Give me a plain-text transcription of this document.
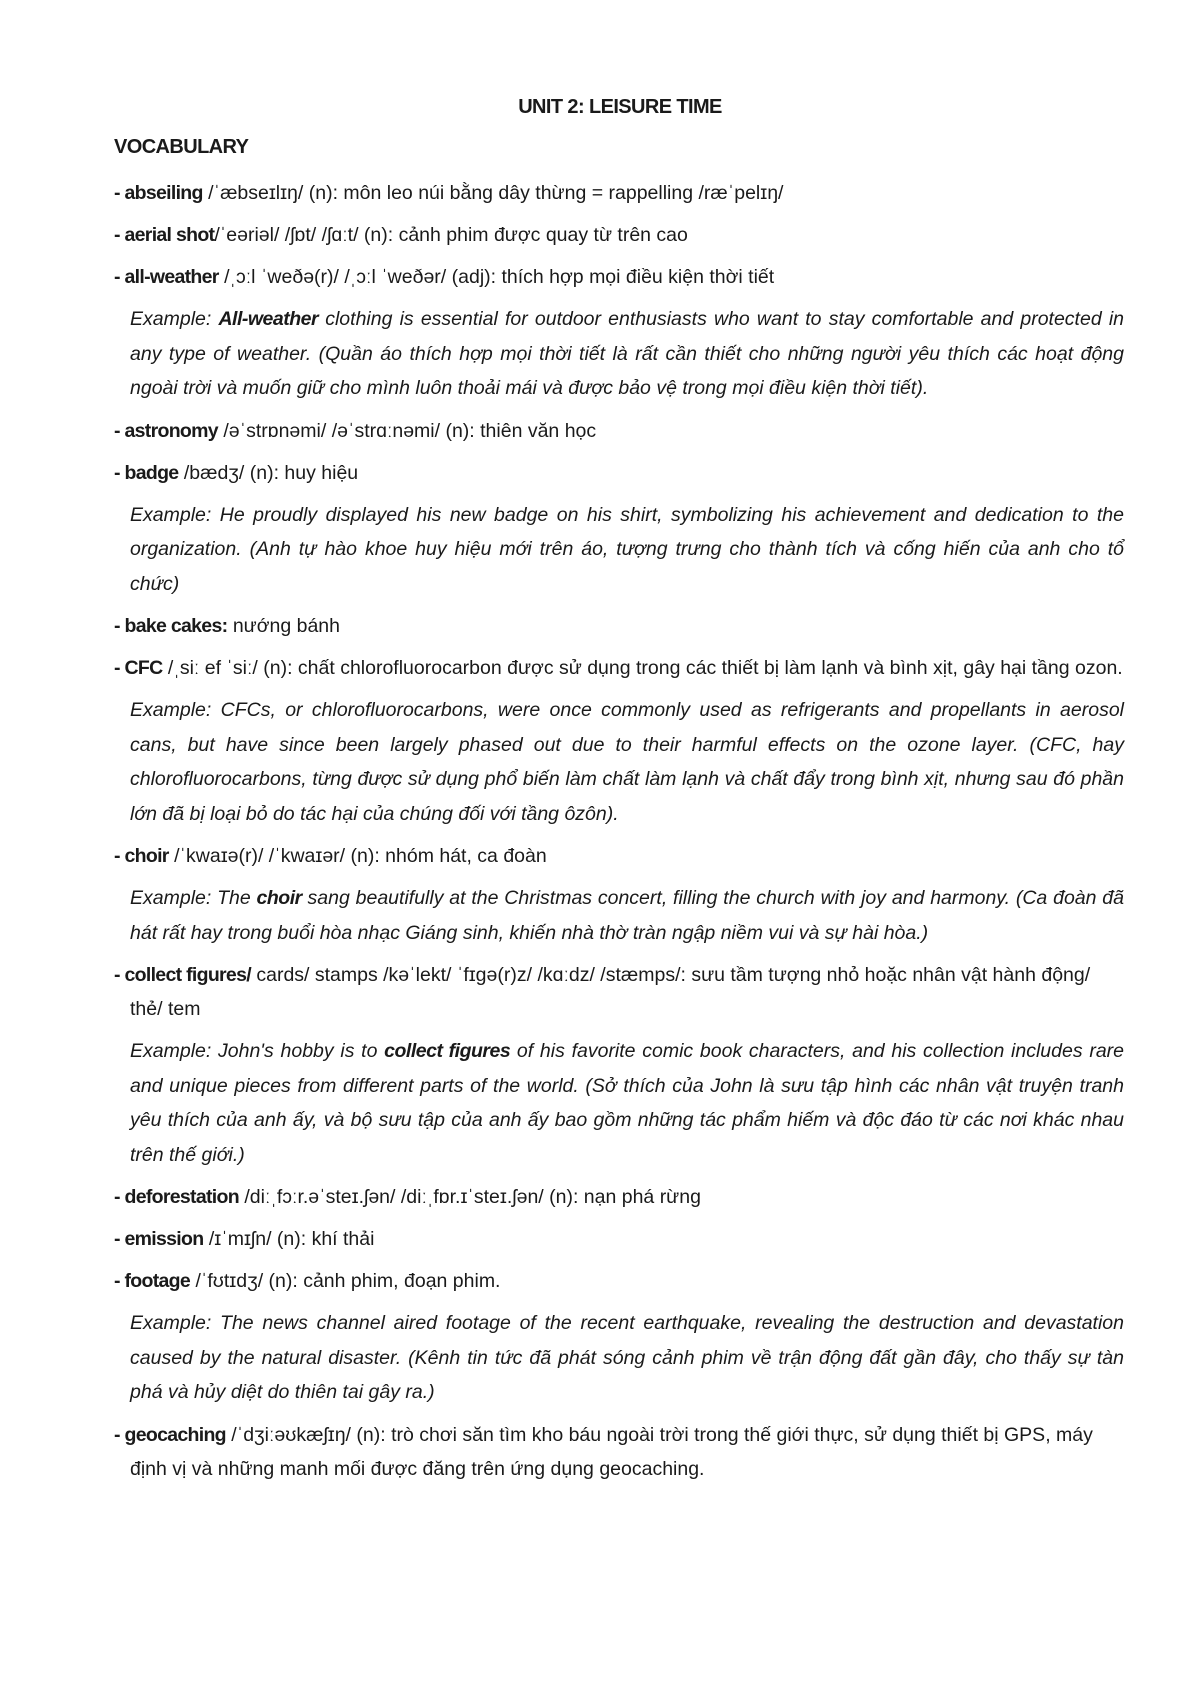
UNIT 2: LEISURE TIME
VOCABULARY
- abseiling /ˈæbseɪlɪŋ/ (n): môn leo núi bằng dây thừng = rappelling /ræˈpelɪŋ/
- aerial shot/ˈeəriəl/ /ʃɒt/ /ʃɑːt/ (n): cảnh phim được quay từ trên cao
- all-weather /ˌɔːl ˈweðə(r)/ /ˌɔːl ˈweðər/ (adj): thích hợp mọi điều kiện thời tiết
Example: All-weather clothing is essential for outdoor enthusiasts who want to stay comfortable and protected in any type of weather. (Quần áo thích hợp mọi thời tiết là rất cần thiết cho những người yêu thích các hoạt động ngoài trời và muốn giữ cho mình luôn thoải mái và được bảo vệ trong mọi điều kiện thời tiết).
- astronomy /əˈstrɒnəmi/ /əˈstrɑːnəmi/ (n): thiên văn học
- badge /bædʒ/ (n): huy hiệu
Example: He proudly displayed his new badge on his shirt, symbolizing his achievement and dedication to the organization. (Anh tự hào khoe huy hiệu mới trên áo, tượng trưng cho thành tích và cống hiến của anh cho tổ chức)
- bake cakes: nướng bánh
- CFC /ˌsiː ef ˈsiː/ (n): chất chlorofluorocarbon được sử dụng trong các thiết bị làm lạnh và bình xịt, gây hại tầng ozon.
Example: CFCs, or chlorofluorocarbons, were once commonly used as refrigerants and propellants in aerosol cans, but have since been largely phased out due to their harmful effects on the ozone layer. (CFC, hay chlorofluorocarbons, từng được sử dụng phổ biến làm chất làm lạnh và chất đẩy trong bình xịt, nhưng sau đó phần lớn đã bị loại bỏ do tác hại của chúng đối với tầng ôzôn).
- choir /ˈkwaɪə(r)/ /ˈkwaɪər/ (n): nhóm hát, ca đoàn
Example: The choir sang beautifully at the Christmas concert, filling the church with joy and harmony. (Ca đoàn đã hát rất hay trong buổi hòa nhạc Giáng sinh, khiến nhà thờ tràn ngập niềm vui và sự hài hòa.)
- collect figures/ cards/ stamps /kəˈlekt/ ˈfɪɡə(r)z/ /kɑːdz/ /stæmps/: sưu tầm tượng nhỏ hoặc nhân vật hành động/ thẻ/ tem
Example: John's hobby is to collect figures of his favorite comic book characters, and his collection includes rare and unique pieces from different parts of the world. (Sở thích của John là sưu tập hình các nhân vật truyện tranh yêu thích của anh ấy, và bộ sưu tập của anh ấy bao gồm những tác phẩm hiếm và độc đáo từ các nơi khác nhau trên thế giới.)
- deforestation /diːˌfɔːr.əˈsteɪ.ʃən/ /diːˌfɒr.ɪˈsteɪ.ʃən/ (n): nạn phá rừng
- emission /ɪˈmɪʃn/ (n): khí thải
- footage /ˈfʊtɪdʒ/ (n): cảnh phim, đoạn phim.
Example: The news channel aired footage of the recent earthquake, revealing the destruction and devastation caused by the natural disaster. (Kênh tin tức đã phát sóng cảnh phim về trận động đất gần đây, cho thấy sự tàn phá và hủy diệt do thiên tai gây ra.)
- geocaching /ˈdʒiːəʊkæʃɪŋ/ (n): trò chơi săn tìm kho báu ngoài trời trong thế giới thực, sử dụng thiết bị GPS, máy định vị và những manh mối được đăng trên ứng dụng geocaching.
